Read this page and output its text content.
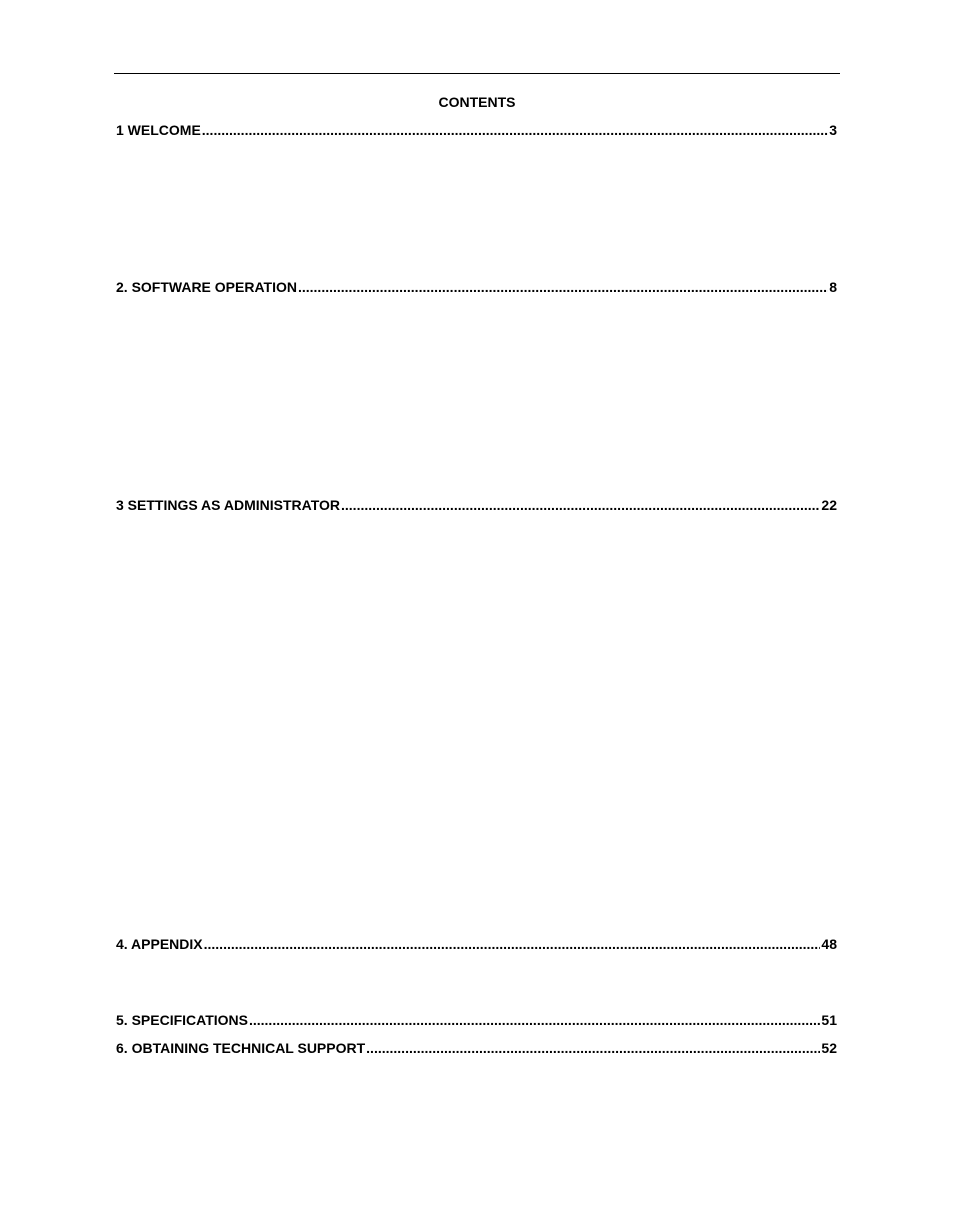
CONTENTS
1 WELCOME .....	3
2. SOFTWARE OPERATION .....	8
3 SETTINGS AS ADMINISTRATOR .....	22
4. APPENDIX .....	48
5. SPECIFICATIONS .....	51
6. OBTAINING TECHNICAL SUPPORT .....	52
